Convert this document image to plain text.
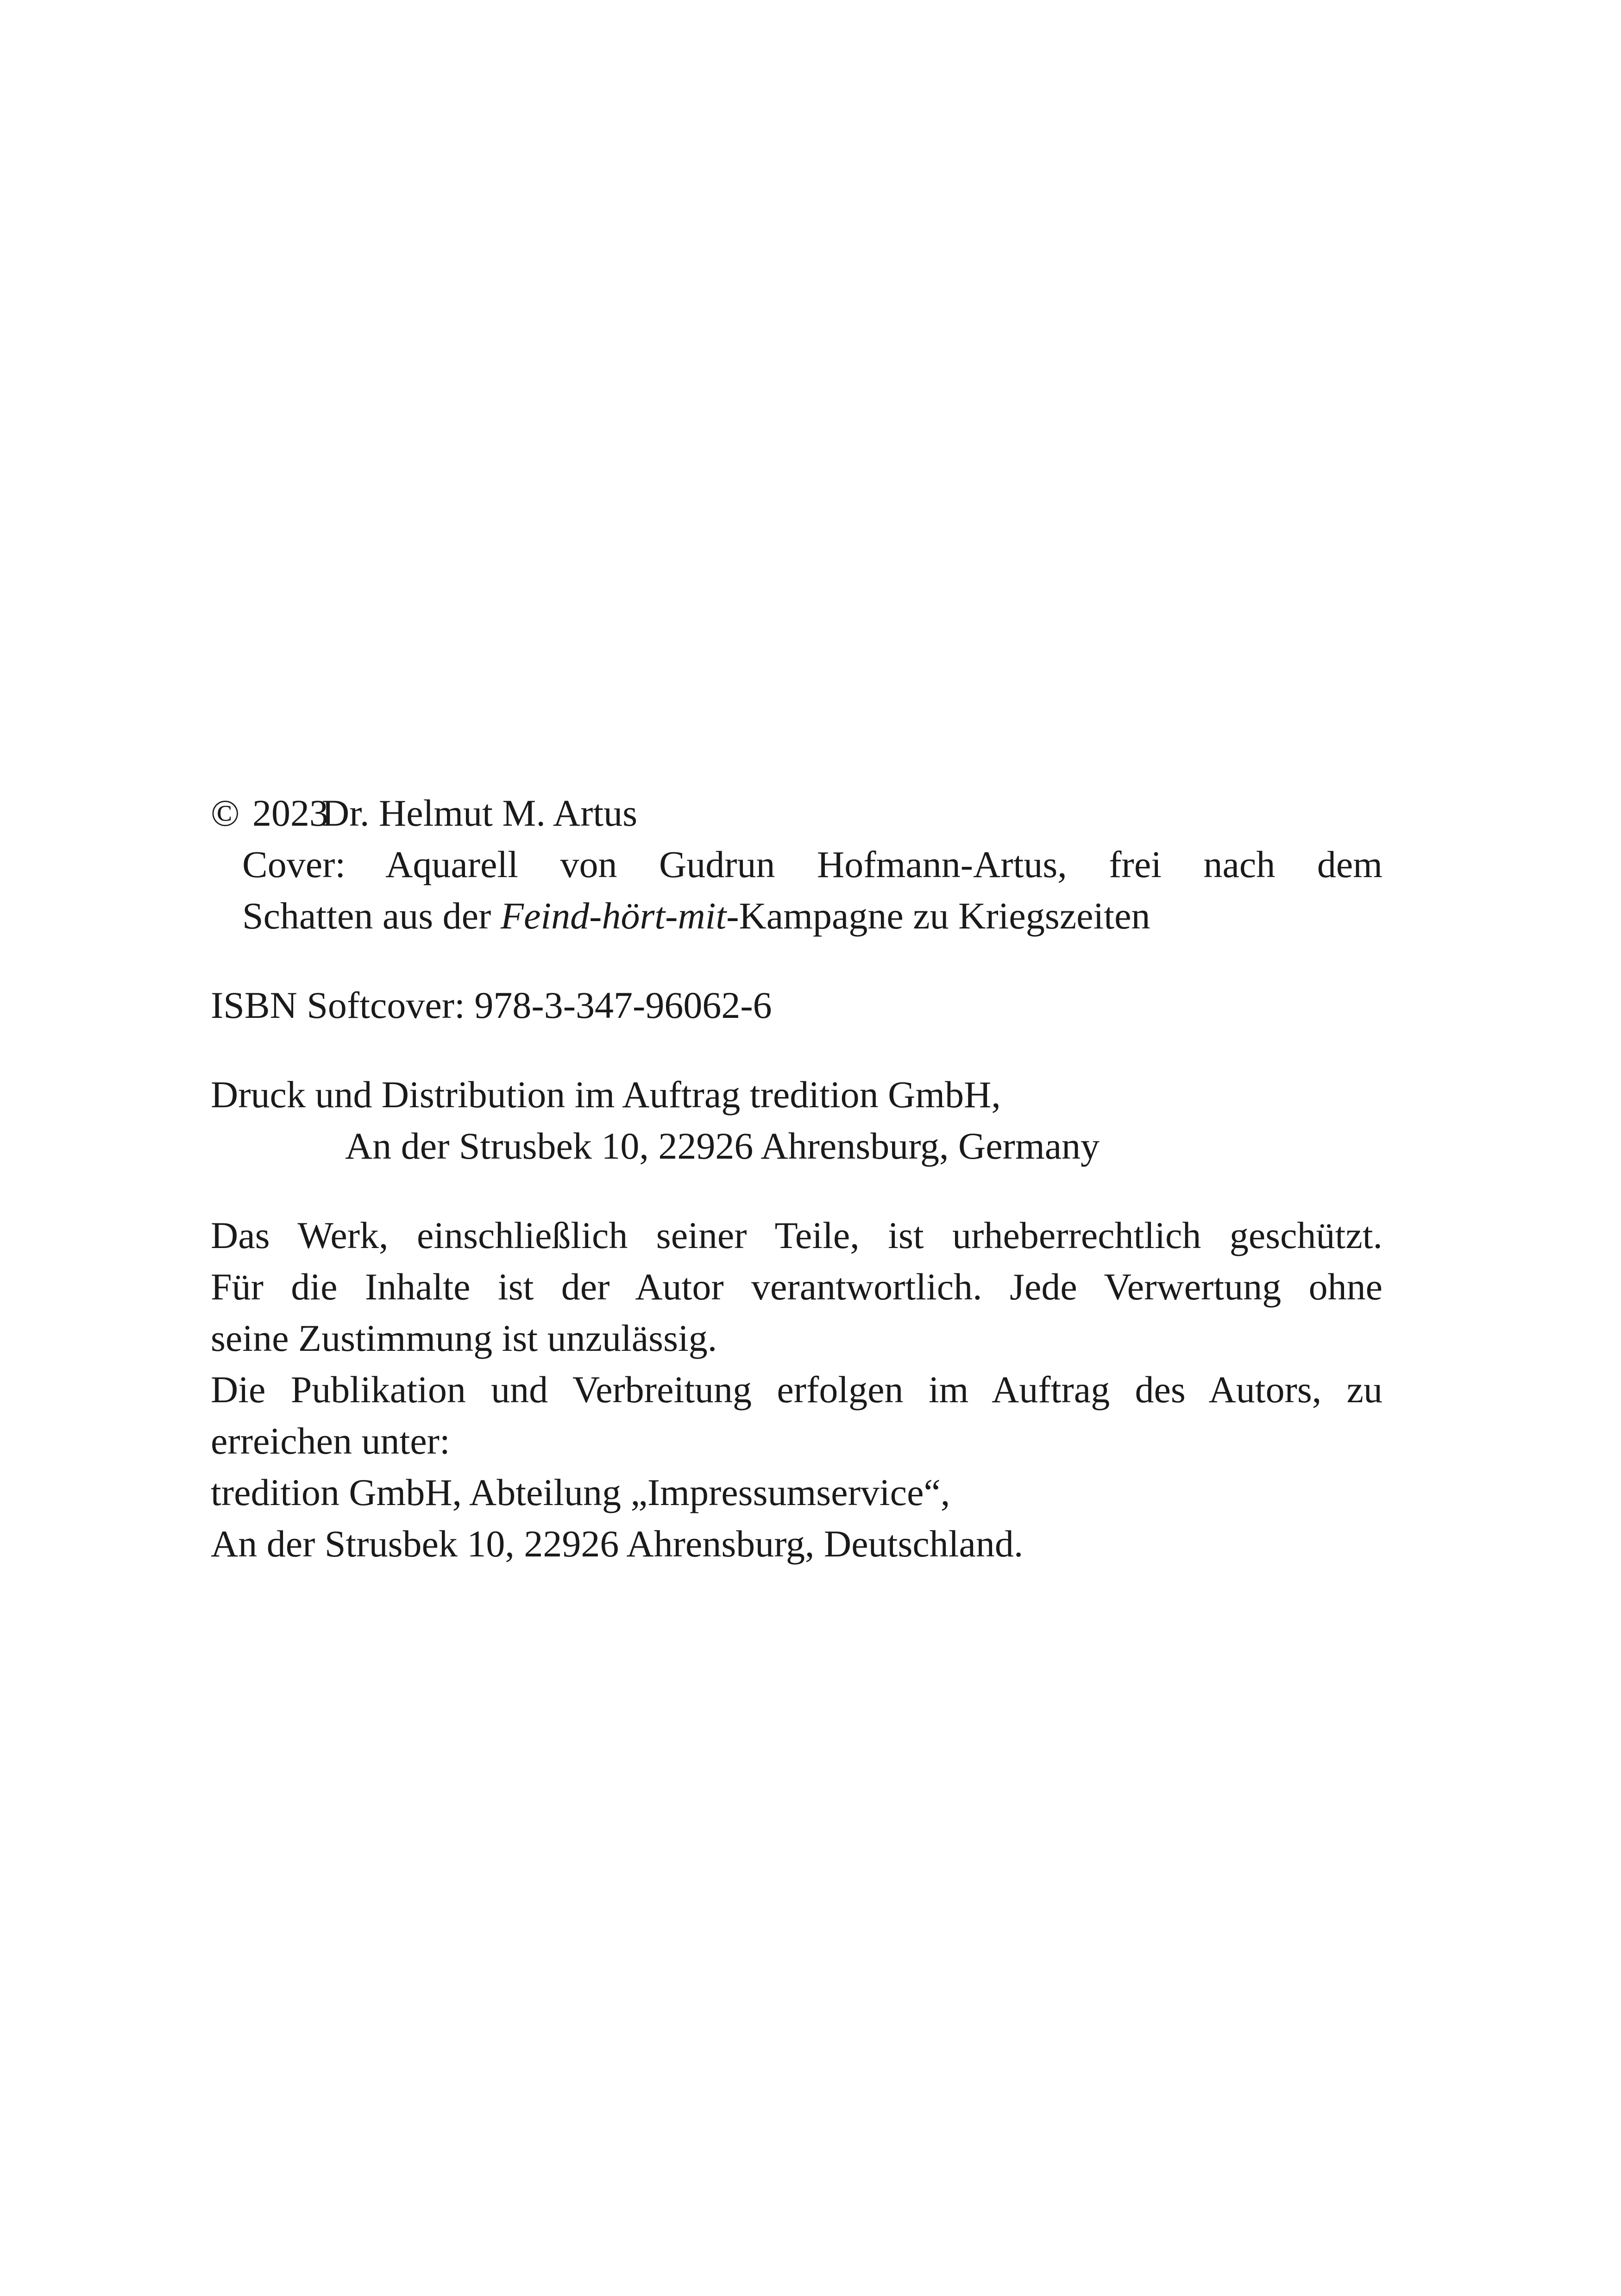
© 2023Dr. Helmut M. Artus
Cover: Aquarell von Gudrun Hofmann-Artus, frei nach dem
Schatten aus der Feind-hört-mit-Kampagne zu Kriegszeiten
ISBN Softcover: 978-3-347-96062-6
Druck und Distribution im Auftrag tredition GmbH,
An der Strusbek 10, 22926 Ahrensburg, Germany
Das Werk, einschließlich seiner Teile, ist urheberrechtlich geschützt.
Für die Inhalte ist der Autor verantwortlich. Jede Verwertung ohne
seine Zustimmung ist unzulässig.
Die Publikation und Verbreitung erfolgen im Auftrag des Autors, zu
erreichen unter:
tredition GmbH, Abteilung „Impressumservice“,
An der Strusbek 10, 22926 Ahrensburg, Deutschland.
